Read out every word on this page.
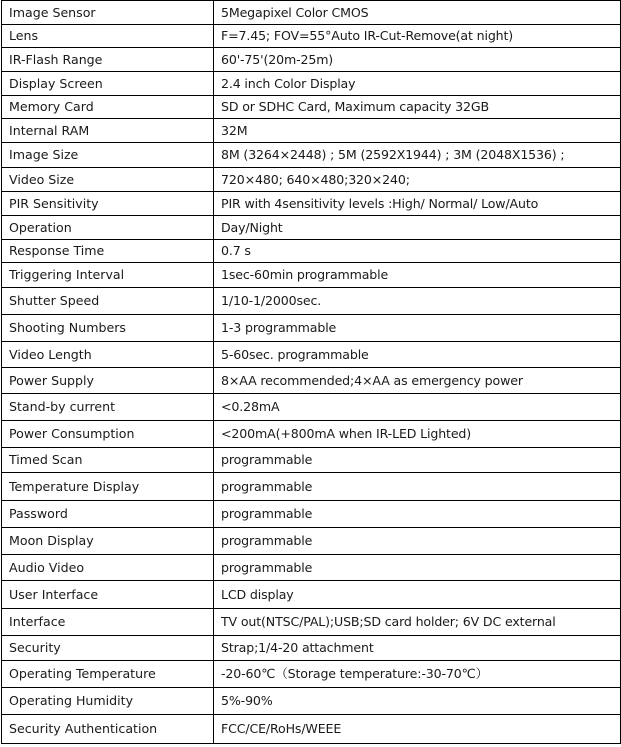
Image Sensor	5Megapixel Color CMOS
Lens	F=7.45; FOV=55°Auto IR-Cut-Remove(at night)
IR-Flash Range	60'-75'(20m-25m)
Display Screen	2.4 inch Color Display
Memory Card	SD or SDHC Card, Maximum capacity 32GB
Internal RAM	32M
Image Size	8M (3264×2448) ; 5M (2592X1944) ; 3M (2048X1536) ;
Video Size	720×480; 640×480;320×240;
PIR Sensitivity	PIR with 4sensitivity levels :High/ Normal/ Low/Auto
Operation	Day/Night
Response Time	0.7 s
Triggering Interval	1sec-60min programmable
Shutter Speed	1/10-1/2000sec.
Shooting Numbers	1-3 programmable
Video Length	5-60sec. programmable
Power Supply	8×AA recommended;4×AA as emergency power
Stand-by current	<0.28mA
Power Consumption	<200mA(+800mA when IR-LED Lighted)
Timed Scan	programmable
Temperature Display	programmable
Password	programmable
Moon Display	programmable
Audio Video	programmable
User Interface	LCD display
Interface	TV out(NTSC/PAL);USB;SD card holder; 6V DC external
Security	Strap;1/4-20 attachment
Operating Temperature	-20-60℃（Storage temperature:-30-70℃）
Operating Humidity	5%-90%
Security Authentication	FCC/CE/RoHs/WEEE
